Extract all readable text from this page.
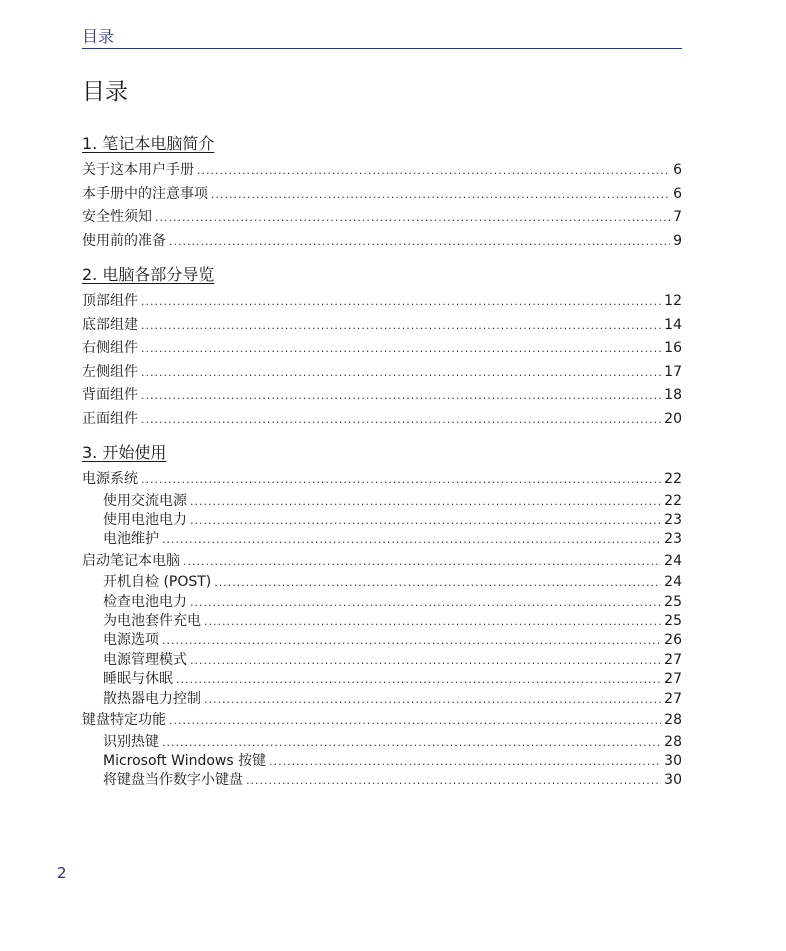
目录
目录
1. 笔记本电脑简介
关于这本用户手册 .....	6
本手册中的注意事项 .....	6
安全性须知 .....	7
使用前的准备 .....	9
2. 电脑各部分导览
顶部组件 .....	12
底部组建 .....	14
右侧组件 .....	16
左侧组件 .....	17
背面组件 .....	18
正面组件 .....	20
3. 开始使用
电源系统 .....	22
使用交流电源 .....	22
使用电池电力 .....	23
电池维护 .....	23
启动笔记本电脑 .....	24
开机自检 (POST) .....	24
检查电池电力 .....	25
为电池套件充电 .....	25
电源选项 .....	26
电源管理模式 .....	27
睡眠与休眠 .....	27
散热器电力控制 .....	27
键盘特定功能 .....	28
识别热键 .....	28
Microsoft Windows 按键 .....	30
将键盘当作数字小键盘 .....	30
2
